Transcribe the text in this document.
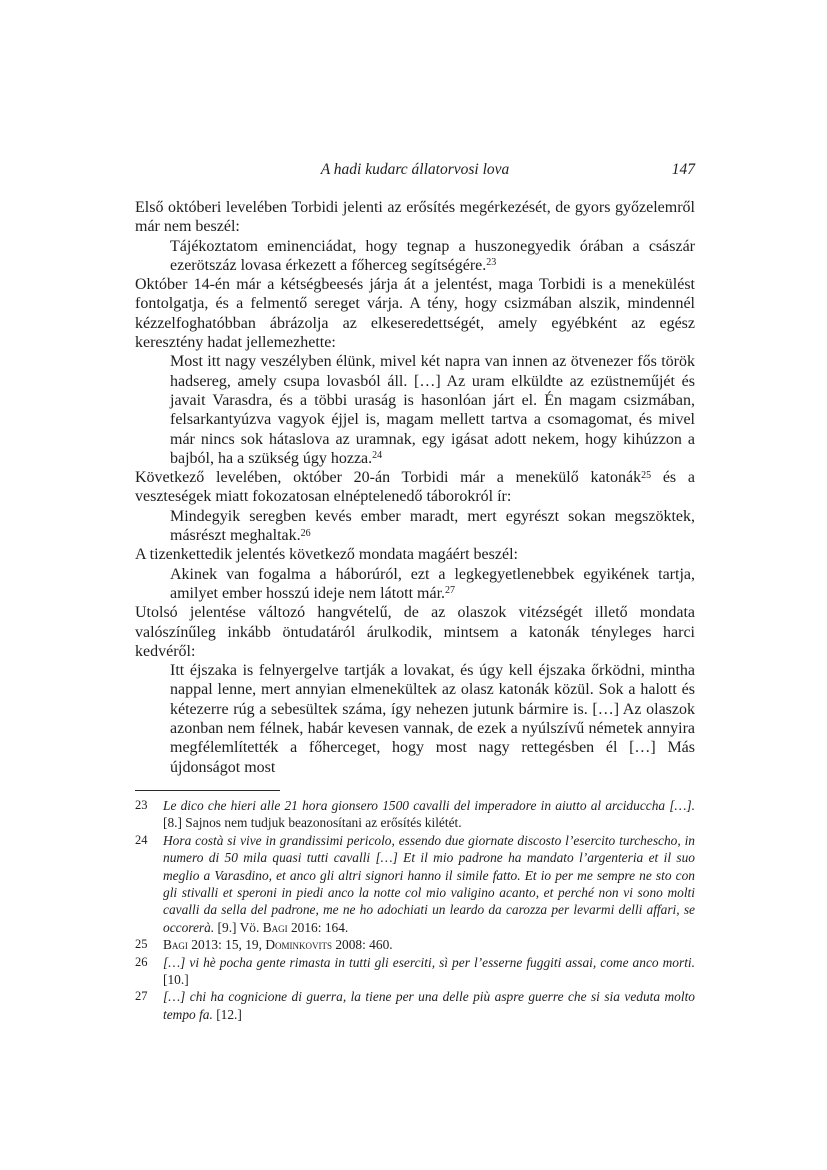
A hadi kudarc állatorvosi lova	147

Első októberi levelében Torbidi jelenti az erősítés megérkezését, de gyors győzelemről már nem beszél:

Tájékoztatom eminenciádat, hogy tegnap a huszonegyedik órában a császár ezerötszáz lovasa érkezett a főherceg segítségére.$^{23}$

Október 14-én már a kétségbeesés járja át a jelentést, maga Torbidi is a menekülést fontolgatja, és a felmentő sereget várja. A tény, hogy csizmában alszik, mindennél kézzelfoghatóbban ábrázolja az elkeseredettségét, amely egyébként az egész keresztény hadat jellemezhette:

Most itt nagy veszélyben élünk, mivel két napra van innen az ötvenezer fős török hadsereg, amely csupa lovasból áll. […] Az uram elküldte az ezüstneműjét és javait Varasdra, és a többi uraság is hasonlóan járt el. Én magam csizmában, felsarkantyúzva vagyok éjjel is, magam mellett tartva a csomagomat, és mivel már nincs sok hátaslova az uramnak, egy igásat adott nekem, hogy kihúzzon a bajból, ha a szükség úgy hozza.$^{24}$

Következő levelében, október 20-án Torbidi már a menekülő katonák$^{25}$ és a veszteségek miatt fokozatosan elnéptelenedő táborokról ír:

Mindegyik seregben kevés ember maradt, mert egyrészt sokan megszöktek, másrészt meghaltak.$^{26}$

A tizenkettedik jelentés következő mondata magáért beszél:

Akinek van fogalma a háborúról, ezt a legkegyetlenebbek egyikének tartja, amilyet ember hosszú ideje nem látott már.$^{27}$

Utolsó jelentése változó hangvételű, de az olaszok vitézségét illető mondata valószínűleg inkább öntudatáról árulkodik, mintsem a katonák tényleges harci kedvéről:

Itt éjszaka is felnyergelve tartják a lovakat, és úgy kell éjszaka őrködni, mintha nappal lenne, mert annyian elmenekültek az olasz katonák közül. Sok a halott és kétezerre rúg a sebesültek száma, így nehezen jutunk bármire is. […] Az olaszok azonban nem félnek, habár kevesen vannak, de ezek a nyúlszívű németek annyira megfélemlítették a főherceget, hogy most nagy rettegésben él […] Más újdonságot most

23	Le dico che hieri alle 21 hora gionsero 1500 cavalli del imperadore in aiutto al arciduccha […]. [8.] Sajnos nem tudjuk beazonosítani az erősítés kilétét.
24	Hora costà si vive in grandissimi pericolo, essendo due giornate discosto l’esercito turchescho, in numero di 50 mila quasi tutti cavalli […] Et il mio padrone ha mandato l’argenteria et il suo meglio a Varasdino, et anco gli altri signori hanno il simile fatto. Et io per me sempre ne sto con gli stivalli et speroni in piedi anco la notte col mio valigino acanto, et perché non vi sono molti cavalli da sella del padrone, me ne ho adochiati un leardo da carozza per levarmi delli affari, se occorerà. [9.] Vö. Bagi 2016: 164.
25	Bagi 2013: 15, 19, Dominkovits 2008: 460.
26	[…] vi hè pocha gente rimasta in tutti gli eserciti, sì per l’esserne fuggiti assai, come anco morti. [10.]
27	[…] chi ha cognicione di guerra, la tiene per una delle più aspre guerre che si sia veduta molto tempo fa. [12.]
